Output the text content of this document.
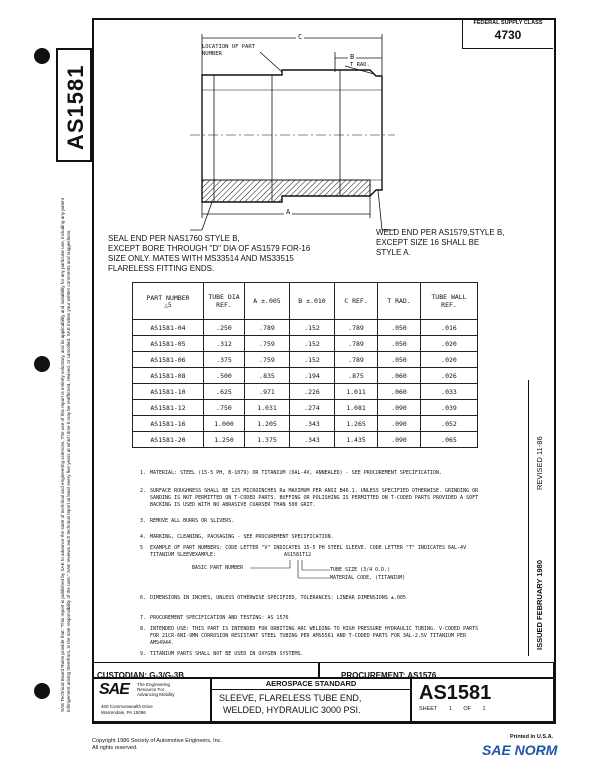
AS1581
SAE Technical Board Rules provide that: "This report is published by SAE to advance the state of technical and engineering sciences. The use of this report is entirely voluntary, and its applicability and suitability for any particular use, including any patent infringement arising therefrom, is the sole responsibility of the user." SAE reviews each technical report at least every five years at which time it may be reaffirmed, revised, or cancelled. SAE invites your written comments and suggestions.
FEDERAL SUPPLY CLASS
4730
LOCATION OF PART NUMBER
C
B
T RAD.
A
SEAL END PER NAS1760 STYLE B,
EXCEPT BORE THROUGH "D" DIA OF AS1579 FOR-16
SIZE ONLY. MATES WITH MS33514 AND MS33515
FLARELESS FITTING ENDS.
WELD END PER AS1579,STYLE B,
EXCEPT SIZE 16 SHALL BE
STYLE A.
PART NUMBER
△5	TUBE DIA REF.	A ±.005	B ±.010	C REF.	T RAD.	TUBE WALL REF.
AS1581-04	.250	.789	.152	.789	.050	.016
AS1581-05	.312	.759	.152	.789	.050	.020
AS1581-06	.375	.759	.152	.789	.050	.020
AS1581-08	.500	.835	.194	.875	.060	.026
AS1581-10	.625	.971	.226	1.011	.060	.033
AS1581-12	.750	1.031	.274	1.081	.090	.039
AS1581-16	1.000	1.205	.343	1.265	.090	.052
AS1581-20	1.250	1.375	.343	1.435	.090	.065
1. MATERIAL: STEEL (15-5 PH, B-1079) OR TITANIUM (6AL-4V, ANNEALED) - SEE PROCUREMENT SPECIFICATION.
2. SURFACE ROUGHNESS SHALL BE 125 MICROINCHES Ra MAXIMUM PER ANSI B46.1. UNLESS SPECIFIED OTHERWISE. GRINDING OR SANDING IS NOT PERMITTED ON T-CODED PARTS. BUFFING OR POLISHING IS PERMITTED ON T-CODED PARTS PROVIDED A SOFT BACKING IS USED WITH NO ABRASIVE COARSER THAN 500 GRIT.
3. REMOVE ALL BURRS OR SLIVERS.
4. MARKING, CLEANING, PACKAGING - SEE PROCUREMENT SPECIFICATION.
5 EXAMPLE OF PART NUMBERS: CODE LETTER "V" INDICATES 15-5 PH STEEL SLEEVE. CODE LETTER "T" INDICATES 6AL-4V TITANIUM SLEEVE
6. DIMENSIONS IN INCHES, UNLESS OTHERWISE SPECIFIED, TOLERANCES: LINEAR DIMENSIONS ±.005
7. PROCUREMENT SPECIFICATION AND TESTING: AS 1576
8. INTENDED USE: THIS PART IS INTENDED FOR ORBITING ARC WELDING TO HIGH PRESSURE HYDRAULIC TUBING. V-CODED PARTS FOR 21CR-6NI-9MN CORROSION RESISTANT STEEL TUBING PER AMS5561 AND T-CODED PARTS FOR 3AL-2.5V TITANIUM PER AMS4944.
9. TITANIUM PARTS SHALL NOT BE USED IN OXYGEN SYSTEMS.
EXAMPLE:	AS1581T12
BASIC PART NUMBER	TUBE SIZE (3/4 O.D.)
MATERIAL CODE, (TITANIUM)	ISSUED FEBRUARY 1980
REVISED 11-86
CUSTODIAN: G-3/G-3B	PROCUREMENT: AS1576
SAE The Engineering
Resource For
Advancing Mobility
400 Commonwealth Drive
Warrendale, PA 15096
AEROSPACE STANDARD
SLEEVE, FLARELESS TUBE END,
WELDED, HYDRAULIC 3000 PSI.
AS1581
SHEET 1 OF 1
Copyright 1986 Society of Automotive Engineers, Inc.
All rights reserved.
Printed in U.S.A.
SAE NORM
